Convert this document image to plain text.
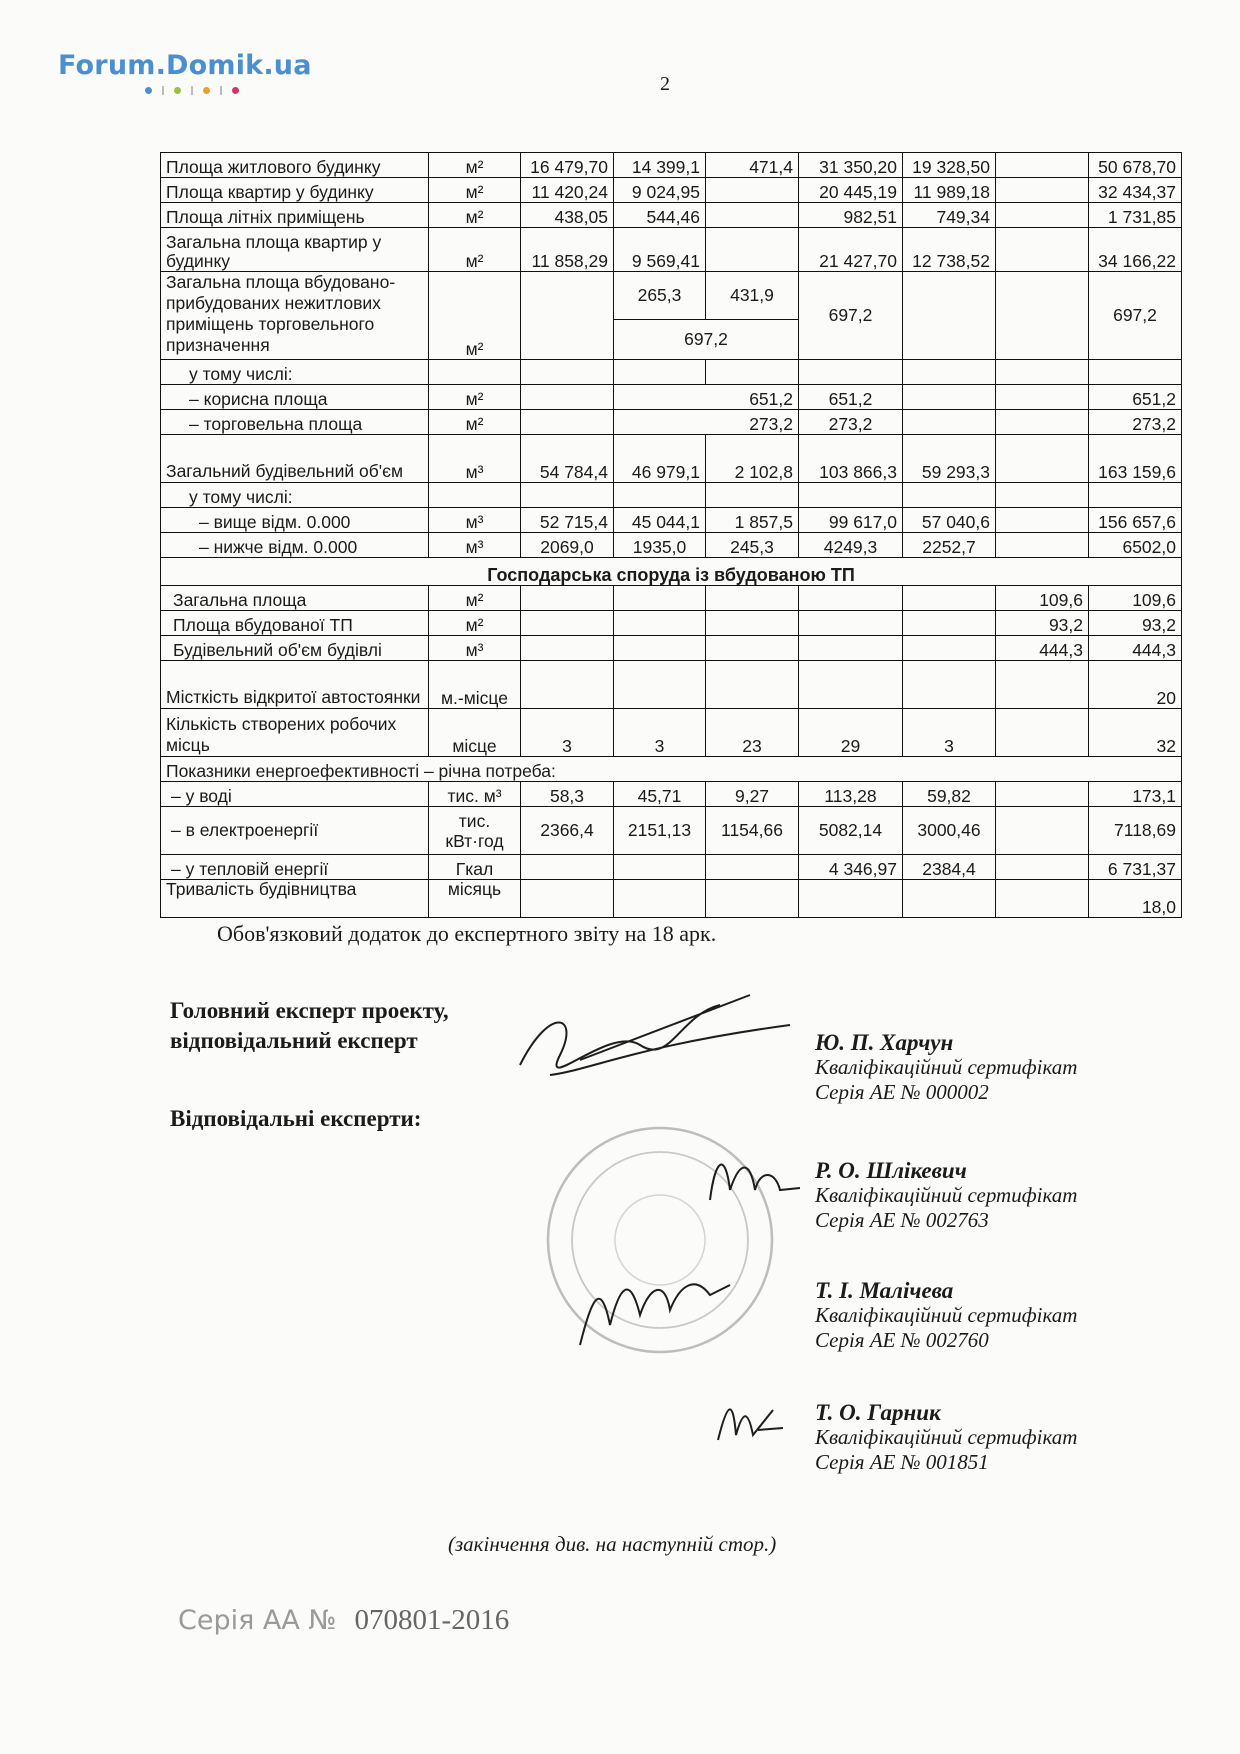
Forum.Domik.ua
2
Площа житлового будинку	м²	16 479,70	14 399,1	471,4	31 350,20	19 328,50		50 678,70
Площа квартир у будинку	м²	11 420,24	9 024,95		20 445,19	11 989,18		32 434,37
Площа літніх приміщень	м²	438,05	544,46		982,51	749,34		1 731,85
Загальна площа квартир у будинку	м²	11 858,29	9 569,41		21 427,70	12 738,52		34 166,22
Загальна площа вбудовано-прибудованих нежитлових приміщень торговельного призначення	м²		265,3	431,9	697,2			697,2
			697,2					
у тому числі:								
– корисна площа	м²		651,2		651,2			651,2
– торговельна площа	м²		273,2		273,2			273,2
Загальний будівельний об'єм	м³	54 784,4	46 979,1	2 102,8	103 866,3	59 293,3		163 159,6
у тому числі:								
– вище відм. 0.000	м³	52 715,4	45 044,1	1 857,5	99 617,0	57 040,6		156 657,6
– нижче відм. 0.000	м³	2069,0	1935,0	245,3	4249,3	2252,7		6502,0
Господарська споруда із вбудованою ТП								
Загальна площа	м²						109,6	109,6
Площа вбудованої ТП	м²						93,2	93,2
Будівельний об'єм будівлі	м³						444,3	444,3
Місткість відкритої автостоянки	м.-місце							20
Кількість створених робочих місць	місце	3	3	23	29	3		32
Показники енергоефективності – річна потреба:								
– у воді	тис. м³	58,3	45,71	9,27	113,28	59,82		173,1
– в електроенергії	тис. кВт·год	2366,4	2151,13	1154,66	5082,14	3000,46		7118,69
– у тепловій енергії	Гкал				4 346,97	2384,4		6 731,37
Тривалість будівництва	місяць							18,0
Обов'язковий додаток до експертного звіту на 18 арк.
Головний експерт проекту,
відповідальний експерт
Відповідальні експерти:
Ю. П. Харчун
Кваліфікаційний сертифікат
Серія АЕ № 000002
Р. О. Шлікевич
Кваліфікаційний сертифікат
Серія АЕ № 002763
Т. І. Малічева
Кваліфікаційний сертифікат
Серія АЕ № 002760
Т. О. Гарник
Кваліфікаційний сертифікат
Серія АЕ № 001851
(закінчення див. на наступній стор.)
Серія АА № 070801-2016
